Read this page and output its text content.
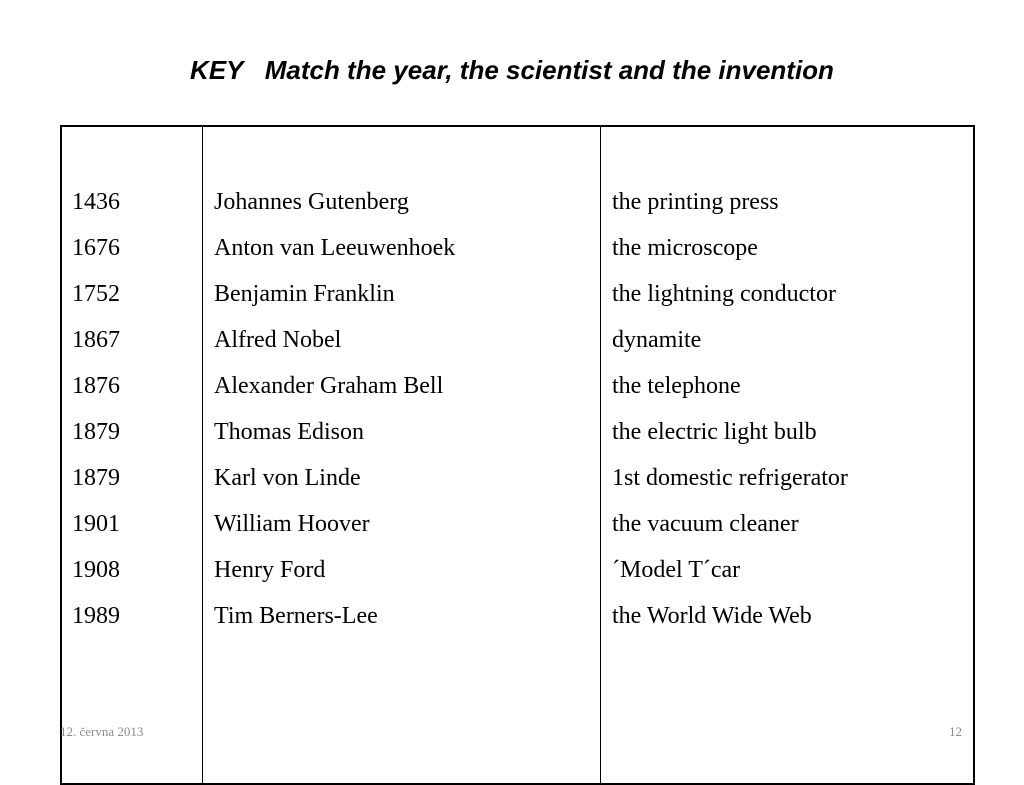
KEY   Match the year, the scientist and the invention
1436
1676
1752
1867
1876
1879
1879
1901
1908
1989
Johannes Gutenberg
Anton van Leeuwenhoek
Benjamin Franklin
Alfred Nobel
Alexander Graham Bell
Thomas Edison
Karl von Linde
William Hoover
Henry Ford
Tim Berners-Lee
the printing press
the microscope
the lightning conductor
dynamite
the telephone
the electric light bulb
1st domestic refrigerator
the vacuum cleaner
´Model T´car
the World Wide Web
12. června 2013	12
